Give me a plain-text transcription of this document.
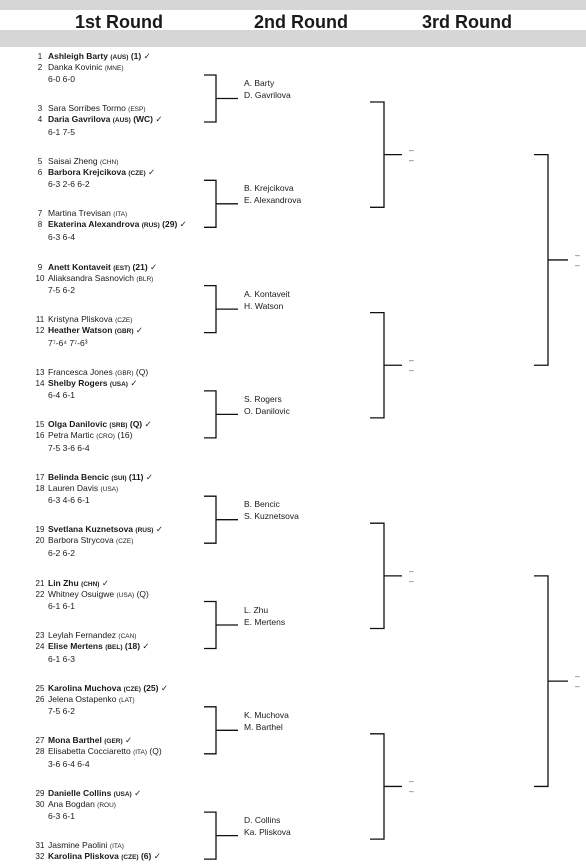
1st Round	2nd Round	3rd Round
1 Ashleigh Barty (AUS) (1) ✓
2 Danka Kovinic (MNE)
6-0 6-0
3 Sara Sorribes Tormo (ESP)
4 Daria Gavrilova (AUS) (WC) ✓
6-1 7-5
5 Saisai Zheng (CHN)
6 Barbora Krejcikova (CZE) ✓
6-3 2-6 6-2
7 Martina Trevisan (ITA)
8 Ekaterina Alexandrova (RUS) (29) ✓
6-3 6-4
9 Anett Kontaveit (EST) (21) ✓
10 Aliaksandra Sasnovich (BLR)
7-5 6-2
11 Kristyna Pliskova (CZE)
12 Heather Watson (GBR) ✓
7⁷-6⁴ 7⁷-6³
13 Francesca Jones (GBR) (Q)
14 Shelby Rogers (USA) ✓
6-4 6-1
15 Olga Danilovic (SRB) (Q) ✓
16 Petra Martic (CRO) (16)
7-5 3-6 6-4
17 Belinda Bencic (SUI) (11) ✓
18 Lauren Davis (USA)
6-3 4-6 6-1
19 Svetlana Kuznetsova (RUS) ✓
20 Barbora Strycova (CZE)
6-2 6-2
21 Lin Zhu (CHN) ✓
22 Whitney Osuigwe (USA) (Q)
6-1 6-1
23 Leylah Fernandez (CAN)
24 Elise Mertens (BEL) (18) ✓
6-1 6-3
25 Karolina Muchova (CZE) (25) ✓
26 Jelena Ostapenko (LAT)
7-5 6-2
27 Mona Barthel (GER) ✓
28 Elisabetta Cocciaretto (ITA) (Q)
3-6 6-4 6-4
29 Danielle Collins (USA) ✓
30 Ana Bogdan (ROU)
6-3 6-1
31 Jasmine Paolini (ITA)
32 Karolina Pliskova (CZE) (6) ✓
A. Barty
D. Gavrilova
B. Krejcikova
E. Alexandrova
A. Kontaveit
H. Watson
S. Rogers
O. Danilovic
B. Bencic
S. Kuznetsova
L. Zhu
E. Mertens
K. Muchova
M. Barthel
D. Collins
Ka. Pliskova
–
–
–
–
–
–
–
–
–
–
–
–
